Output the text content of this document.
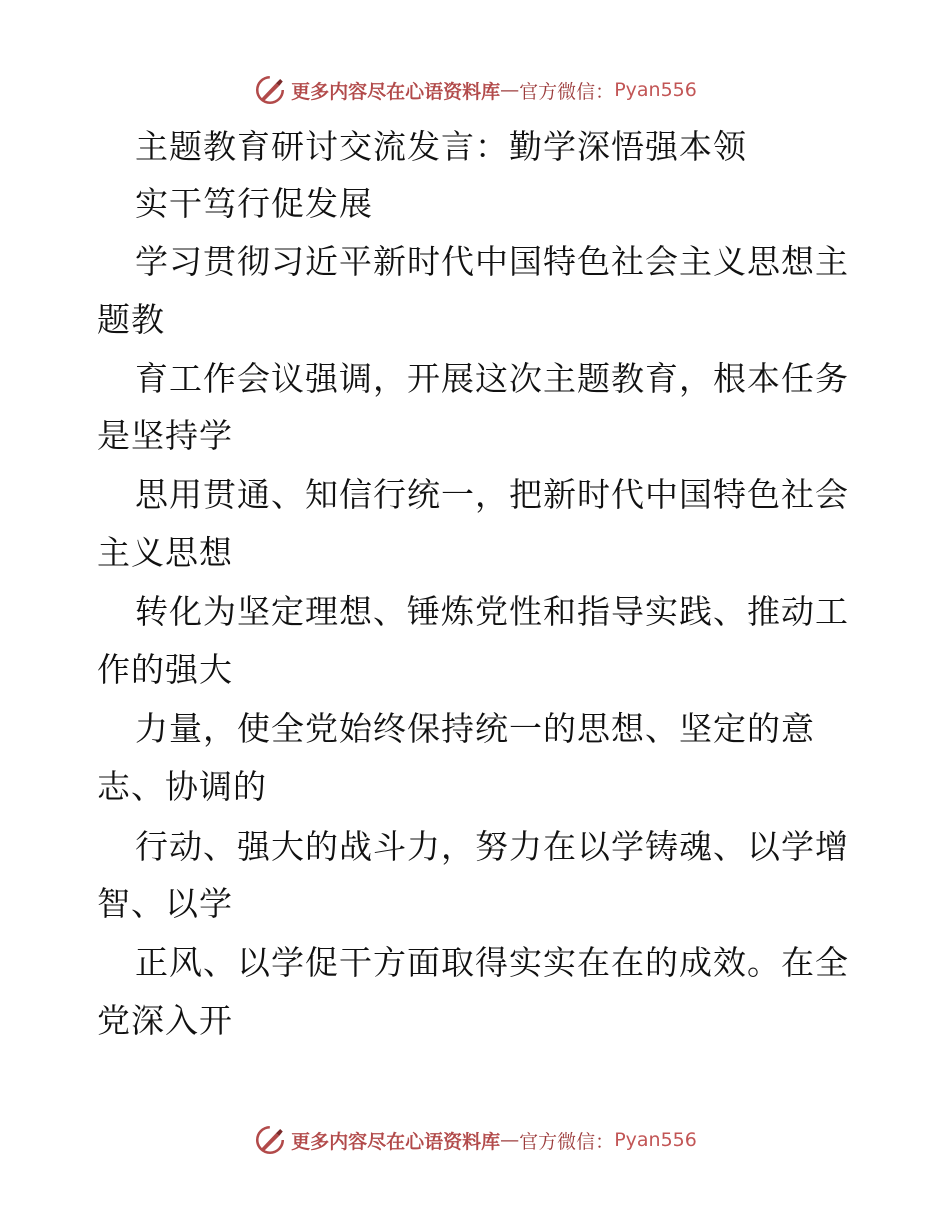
更多内容尽在心语资料库 — 官方微信： Pyan556
主题教育研讨交流发言：勤学深悟强本领
实干笃行促发展
学习贯彻习近平新时代中国特色社会主义思想主
题教
育工作会议强调，开展这次主题教育，根本任务
是坚持学
思用贯通、知信行统一，把新时代中国特色社会
主义思想
转化为坚定理想、锤炼党性和指导实践、推动工
作的强大
力量，使全党始终保持统一的思想、坚定的意
志、协调的
行动、强大的战斗力，努力在以学铸魂、以学增
智、以学
正风、以学促干方面取得实实在在的成效。在全
党深入开
更多内容尽在心语资料库 — 官方微信： Pyan556
